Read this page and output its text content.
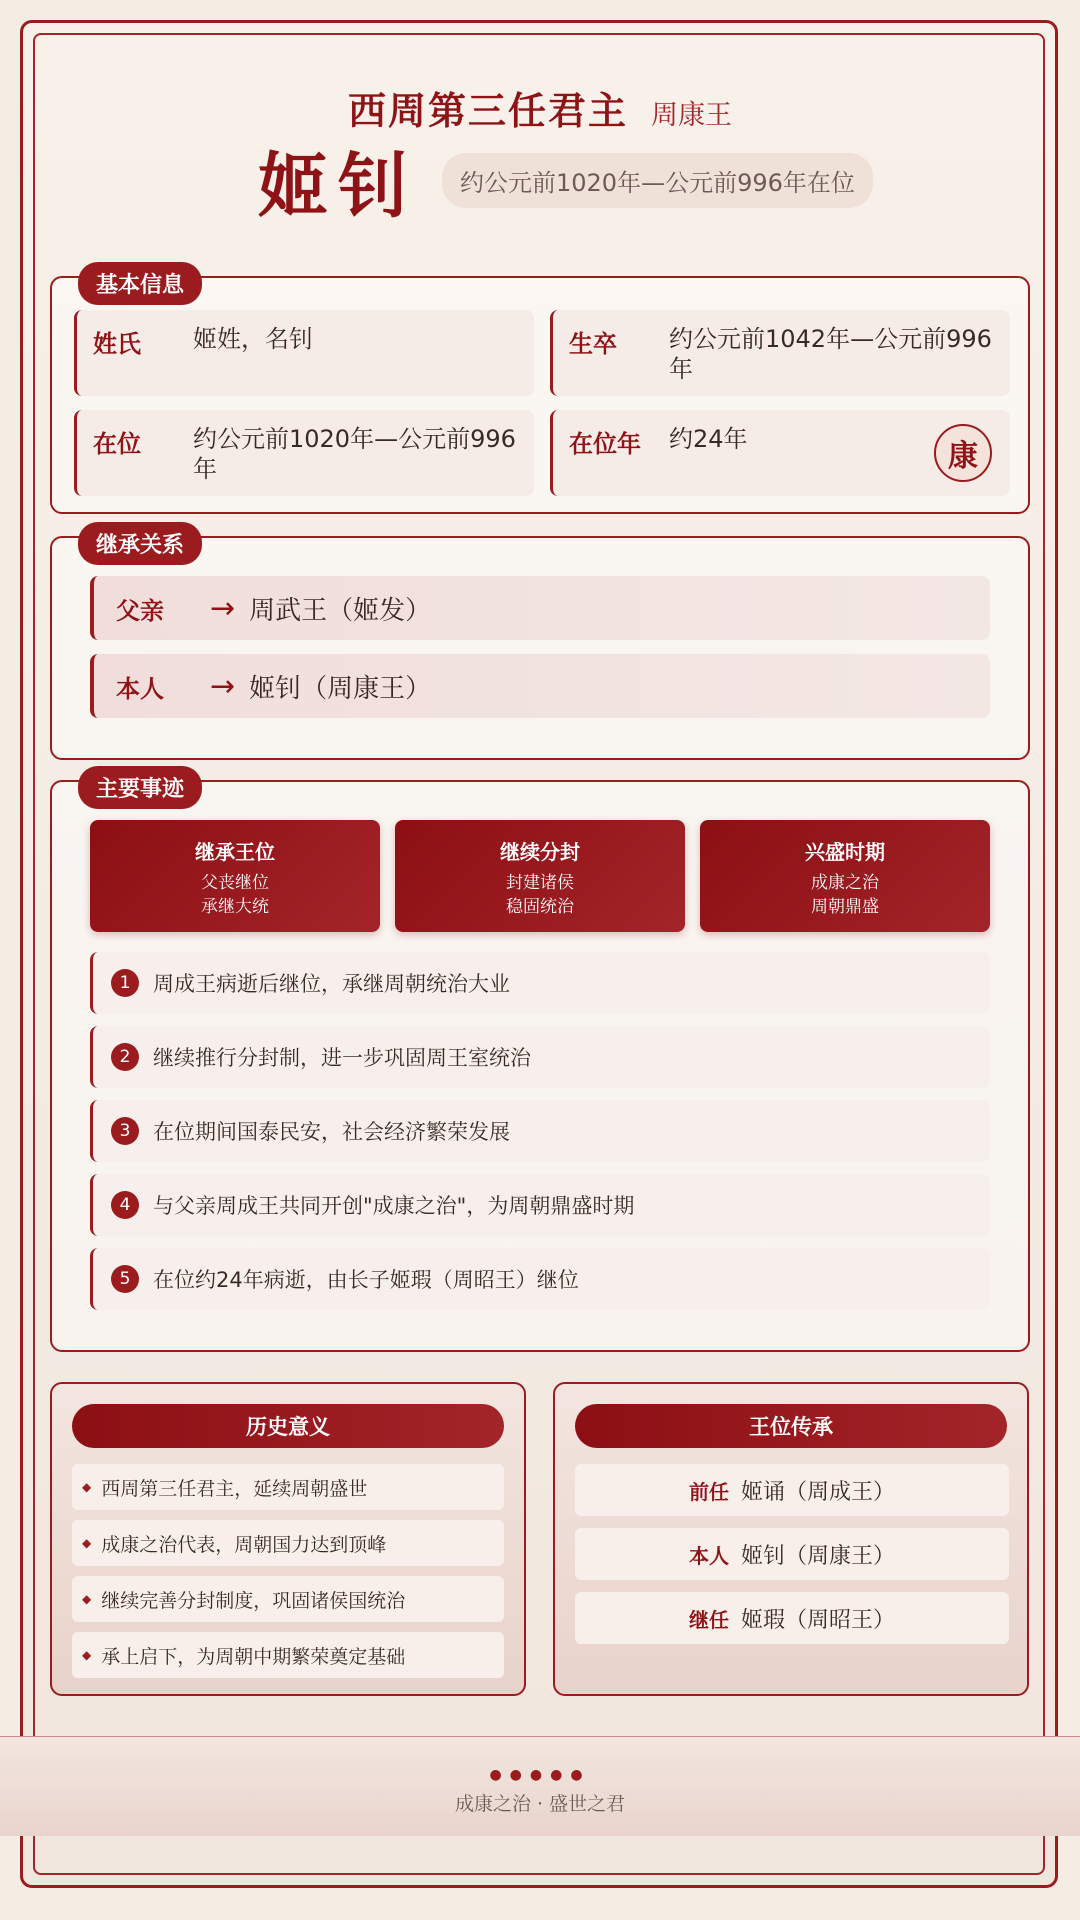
西周第三任君主 周康王
姬钊	约公元前1020年—公元前996年在位
基本信息
姓氏 姬姓，名钊	生卒 约公元前1042年—公元前996年
在位 约公元前1020年—公元前996年
在位年 约24年	康
继承关系
父亲	→ 周武王（姬发）
本人	→ 姬钊（周康王）
主要事迹
继承王位
父丧继位
承继大统
继续分封
封建诸侯
稳固统治
兴盛时期
成康之治
周朝鼎盛
1	周成王病逝后继位，承继周朝统治大业
2	继续推行分封制，进一步巩固周王室统治
3	在位期间国泰民安，社会经济繁荣发展
4	与父亲周成王共同开创"成康之治"，为周朝鼎盛时期
5	在位约24年病逝，由长子姬瑕（周昭王）继位
历史意义
◆ 西周第三任君主，延续周朝盛世
◆ 成康之治代表，周朝国力达到顶峰
◆ 继续完善分封制度，巩固诸侯国统治
◆ 承上启下，为周朝中期繁荣奠定基础
王位传承
前任 姬诵（周成王）
本人 姬钊（周康王）
继任 姬瑕（周昭王）
●●●●●
成康之治 · 盛世之君
